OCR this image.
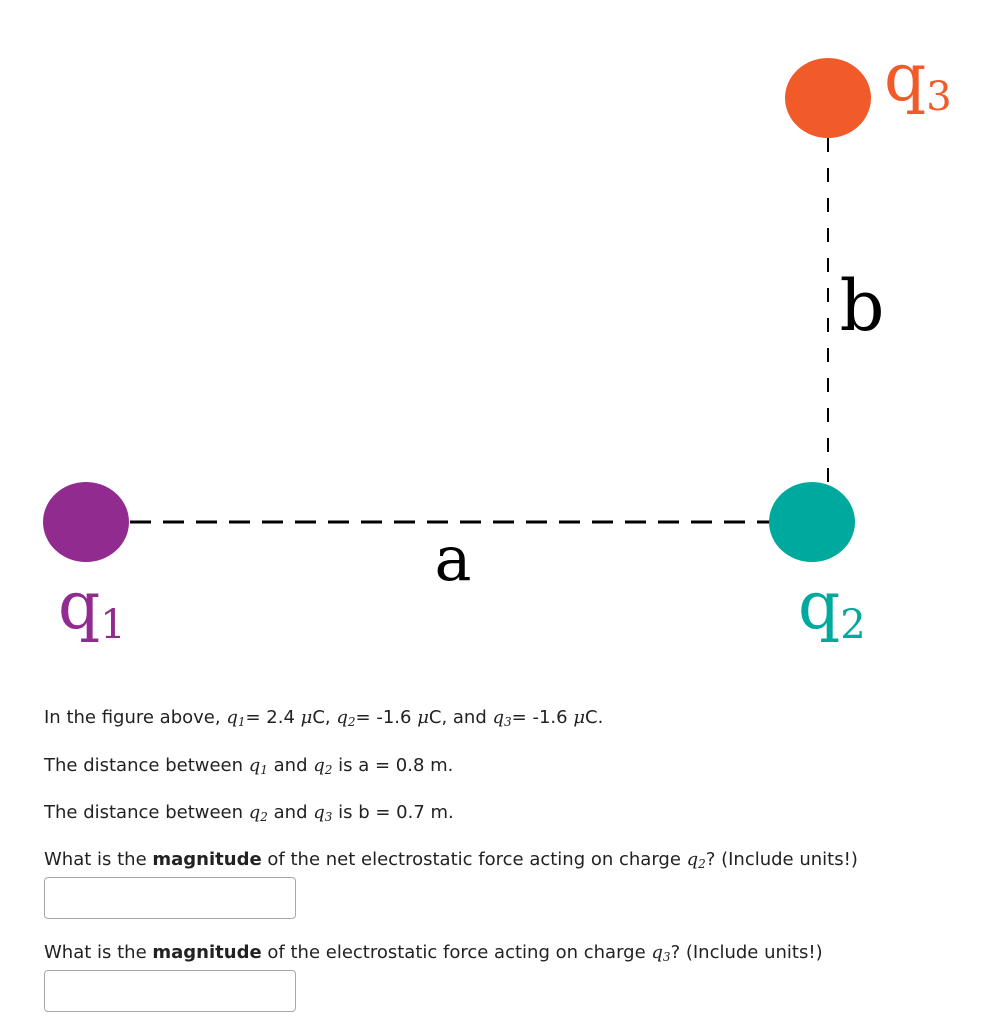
a
b
q1	q2
q3
In the figure above, $q_1= 2.4$ μC, $q_2= -1.6$ μC, and $q_3= -1.6$ μC.
The distance between $q_1$ and $q_2$ is a = 0.8 m.
The distance between $q_2$ and $q_3$ is b = 0.7 m.
What is the magnitude of the net electrostatic force acting on charge $q_2$? (Include units!)
What is the magnitude of the electrostatic force acting on charge $q_3$? (Include units!)
